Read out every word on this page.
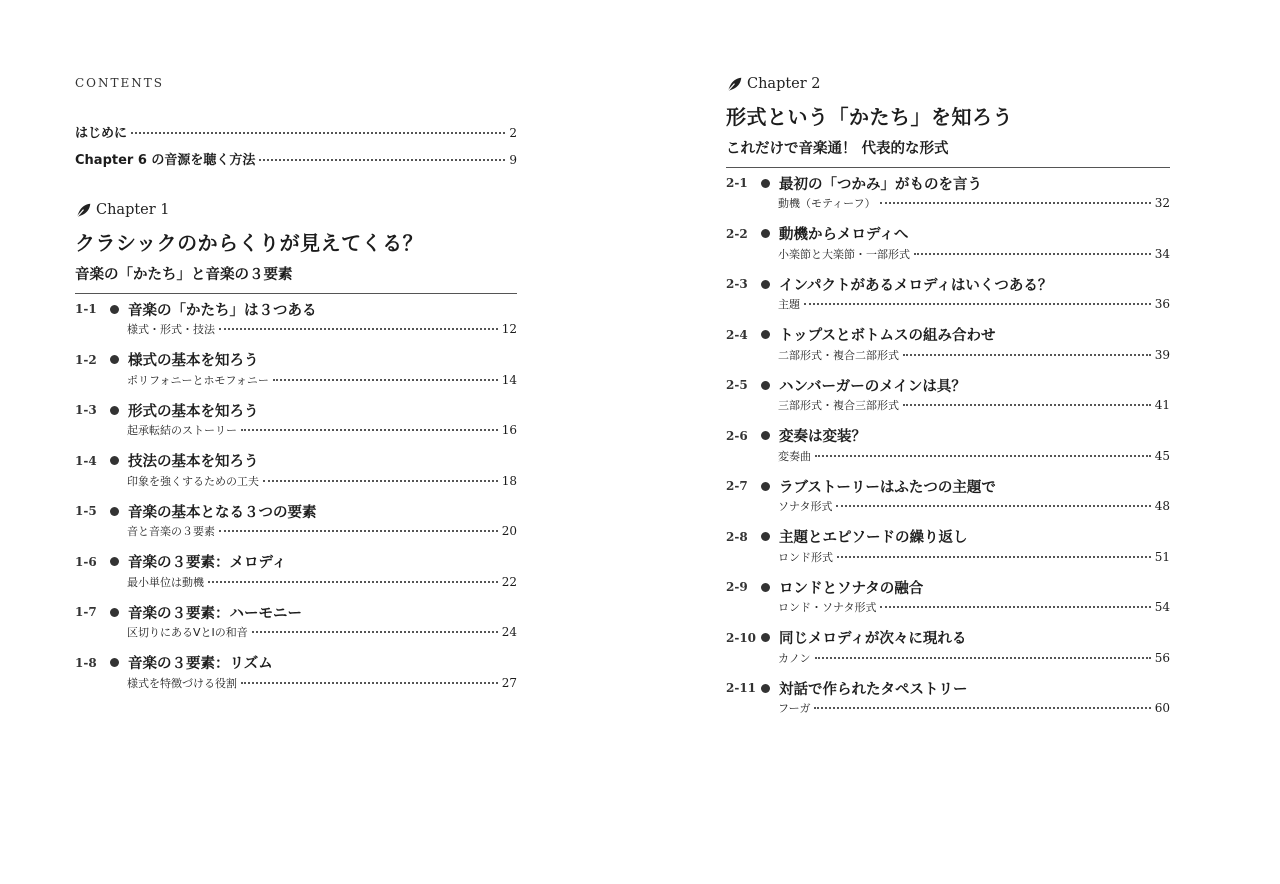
CONTENTS
はじめに	2
Chapter 6 の音源を聴く方法	9
Chapter 1
クラシックのからくりが見えてくる？
音楽の「かたち」と音楽の３要素
1-1	音楽の「かたち」は３つある
様式・形式・技法	12
1-2	様式の基本を知ろう
ポリフォニーとホモフォニー	14
1-3	形式の基本を知ろう
起承転結のストーリー	16
1-4	技法の基本を知ろう
印象を強くするための工夫	18
1-5	音楽の基本となる３つの要素
音と音楽の３要素	20
1-6	音楽の３要素：メロディ
最小単位は動機	22
1-7	音楽の３要素：ハーモニー
区切りにあるVとⅠの和音	24
1-8	音楽の３要素：リズム
様式を特徴づける役割	27
Chapter 2
形式という「かたち」を知ろう
これだけで音楽通！ 代表的な形式
2-1	最初の「つかみ」がものを言う
動機（モティーフ）	32
2-2	動機からメロディへ
小楽節と大楽節・一部形式	34
2-3	インパクトがあるメロディはいくつある？
主題	36
2-4	トップスとボトムスの組み合わせ
二部形式・複合二部形式	39
2-5	ハンバーガーのメインは具？
三部形式・複合三部形式	41
2-6	変奏は変装？
変奏曲	45
2-7	ラブストーリーはふたつの主題で
ソナタ形式	48
2-8	主題とエピソードの繰り返し
ロンド形式	51
2-9	ロンドとソナタの融合
ロンド・ソナタ形式	54
2-10 同じメロディが次々に現れる
カノン	56
2-11 対話で作られたタペストリー
フーガ	60
